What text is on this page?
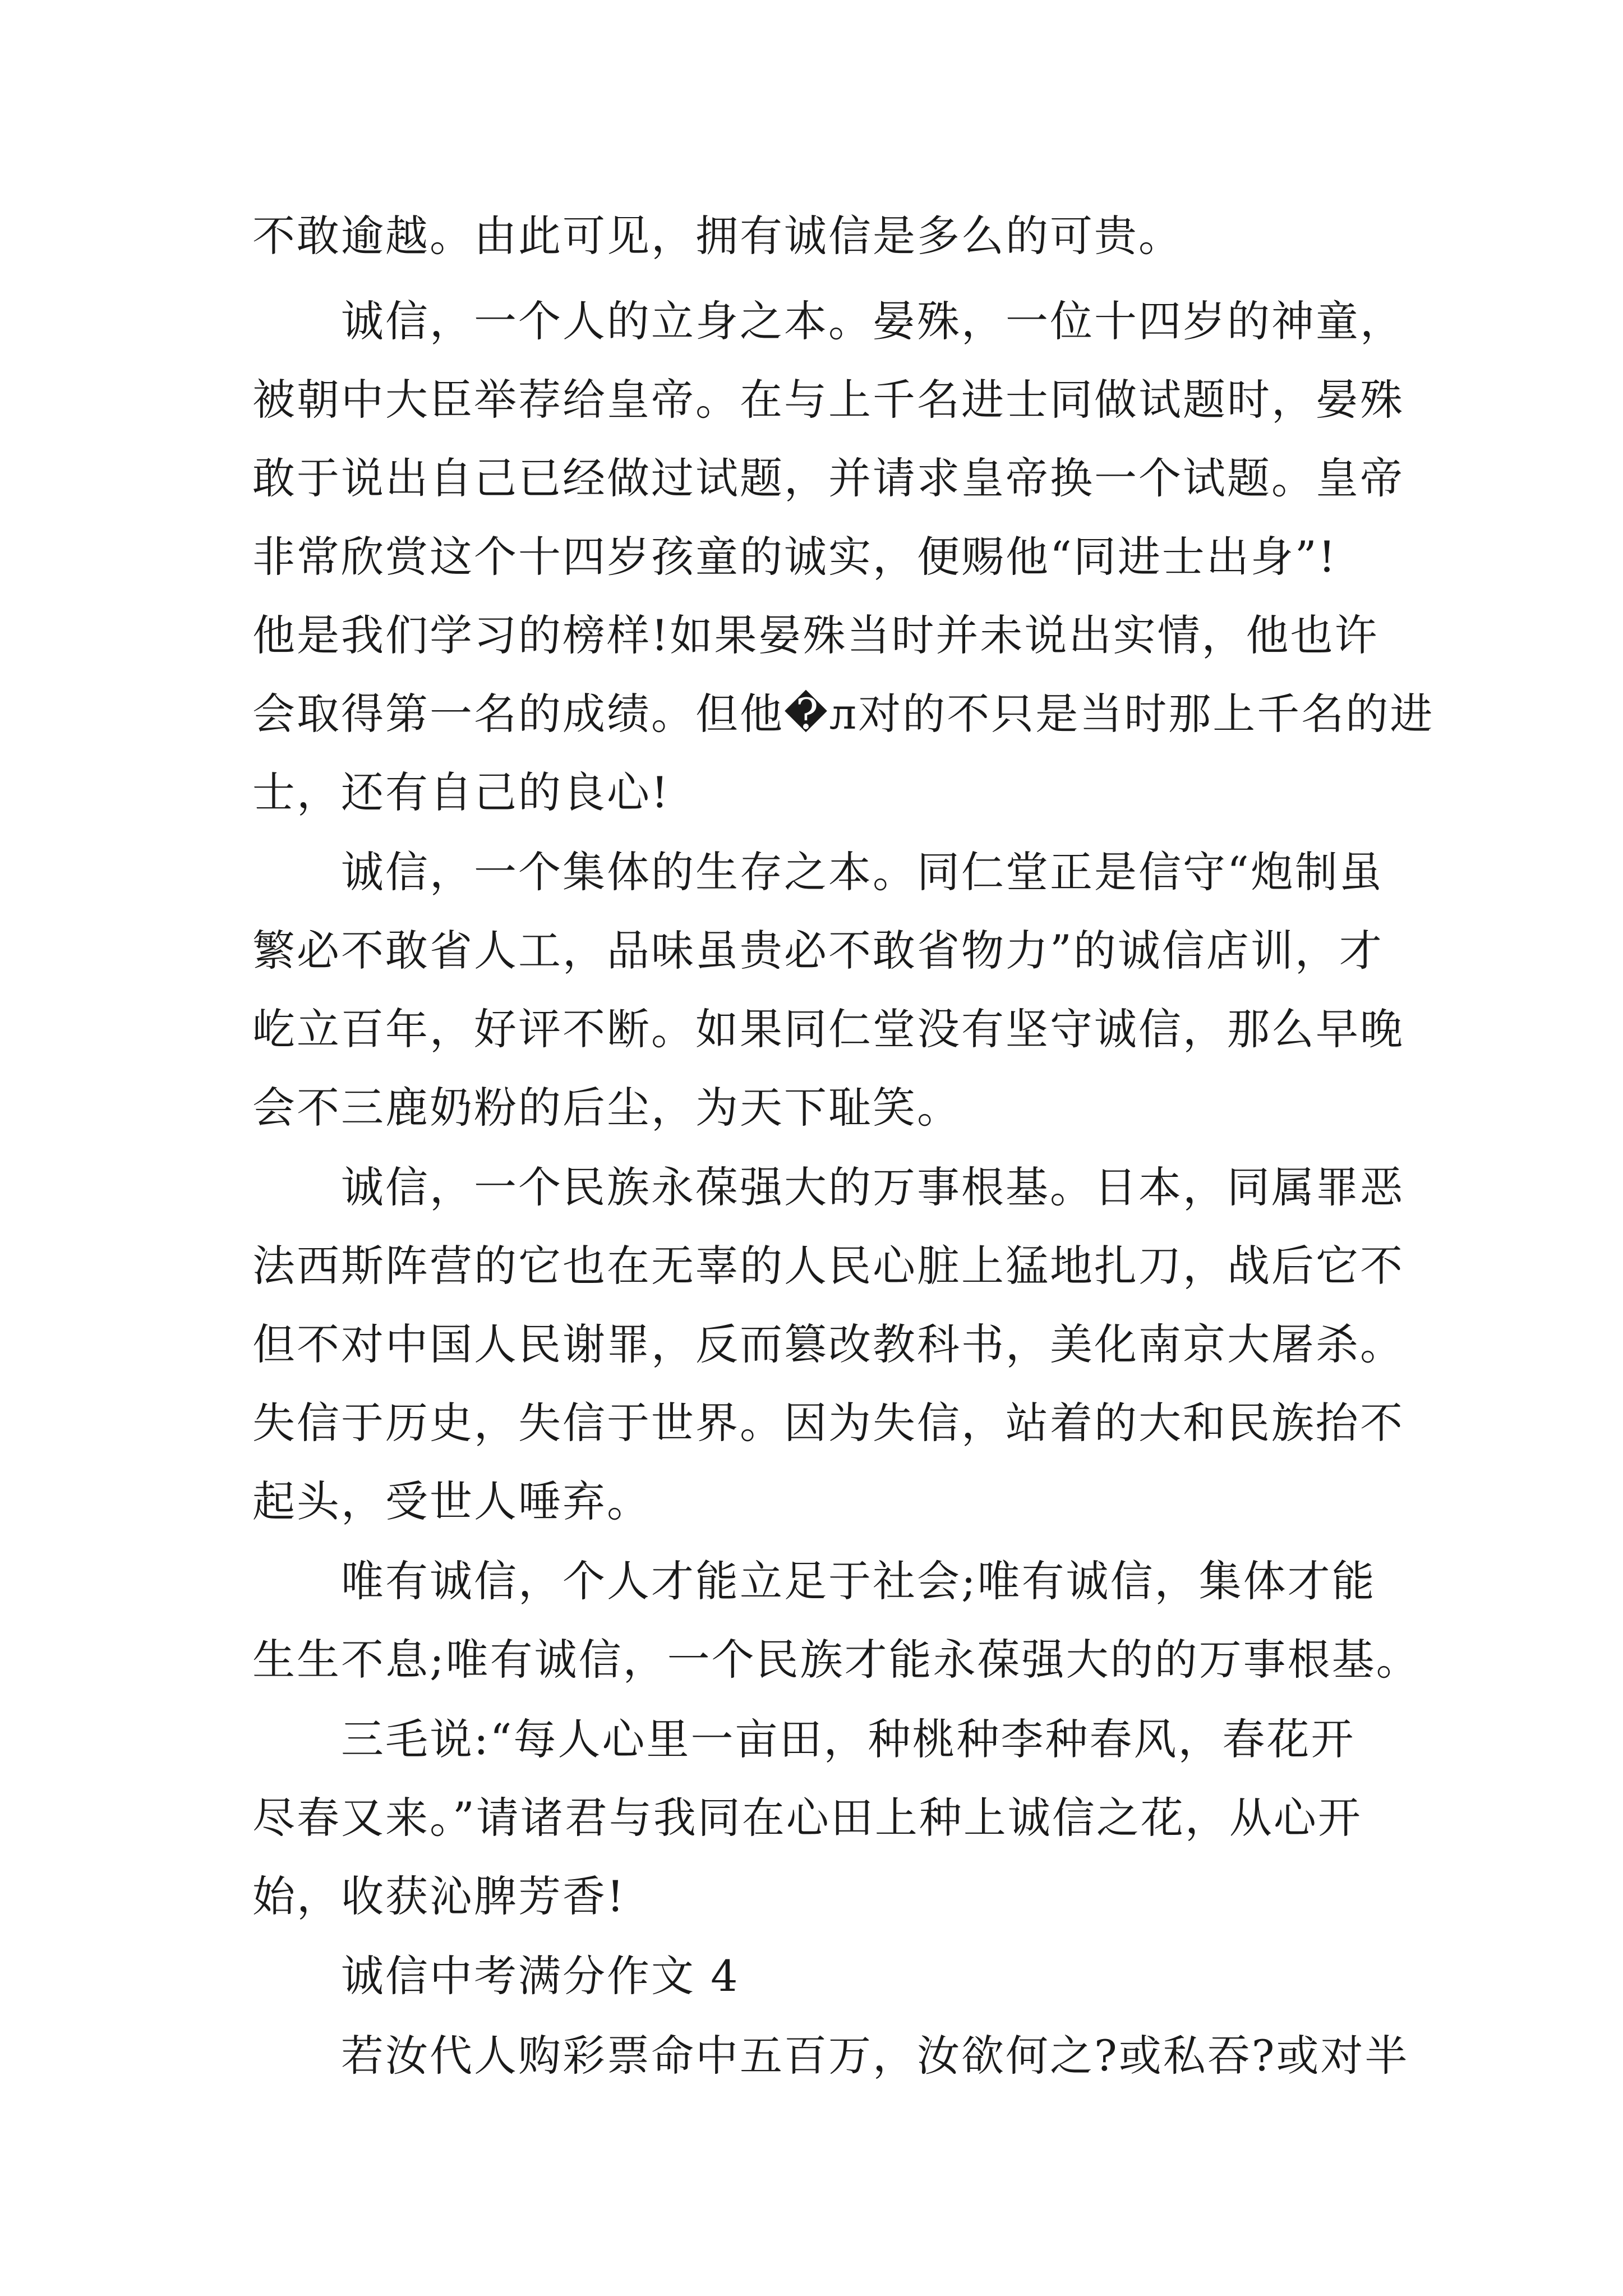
不敢逾越。由此可见，拥有诚信是多么的可贵。
诚信，一个人的立身之本。晏殊，一位十四岁的神童，
被朝中大臣举荐给皇帝。在与上千名进士同做试题时，晏殊
敢于说出自己已经做过试题，并请求皇帝换一个试题。皇帝
非常欣赏这个十四岁孩童的诚实，便赐他“同进士出身”!
他是我们学习的榜样!如果晏殊当时并未说出实情，他也许
会取得第一名的成绩。但他�л对的不只是当时那上千名的进
士，还有自己的良心!
诚信，一个集体的生存之本。同仁堂正是信守“炮制虽
繁必不敢省人工，品味虽贵必不敢省物力”的诚信店训，才
屹立百年，好评不断。如果同仁堂没有坚守诚信，那么早晚
会不三鹿奶粉的后尘，为天下耻笑。
诚信，一个民族永葆强大的万事根基。日本，同属罪恶
法西斯阵营的它也在无辜的人民心脏上猛地扎刀，战后它不
但不对中国人民谢罪，反而篡改教科书，美化南京大屠杀。
失信于历史，失信于世界。因为失信，站着的大和民族抬不
起头，受世人唾弃。
唯有诚信，个人才能立足于社会;唯有诚信，集体才能
生生不息;唯有诚信，一个民族才能永葆强大的的万事根基。
三毛说:“每人心里一亩田，种桃种李种春风，春花开
尽春又来。”请诸君与我同在心田上种上诚信之花，从心开
始，收获沁脾芳香!
诚信中考满分作文 4
若汝代人购彩票命中五百万，汝欲何之?或私吞?或对半
